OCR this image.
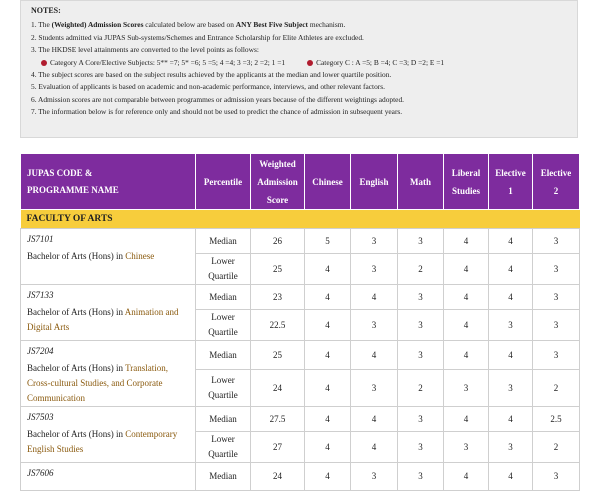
NOTES:
1. The (Weighted) Admission Scores calculated below are based on ANY Best Five Subject mechanism.
2. Students admitted via JUPAS Sub-systems/Schemes and Entrance Scholarship for Elite Athletes are excluded.
3. The HKDSE level attainments are converted to the level points as follows:
Category A Core/Elective Subjects: 5** =7; 5* =6; 5 =5; 4 =4; 3 =3; 2 =2; 1 =1	Category C : A =5; B =4; C =3; D =2; E =1
4. The subject scores are based on the subject results achieved by the applicants at the median and lower quartile position.
5. Evaluation of applicants is based on academic and non-academic performance, interviews, and other relevant factors.
6. Admission scores are not comparable between programmes or admission years because of the different weightings adopted.
7. The information below is for reference only and should not be used to predict the chance of admission in subsequent years.
JUPAS CODE &
PROGRAMME NAME	Percentile	Weighted
Admission
Score	Chinese	English	Math	Liberal
Studies	Elective
1	Elective
2
FACULTY OF ARTS								

JS7101
Bachelor of Arts (Hons) in Chinese	Median	26	5	3	3	4	4	3
	Lower Quartile	25	4	3	2	4	4	3

JS7133
Bachelor of Arts (Hons) in Animation and Digital Arts	Median	23	4	4	3	4	4	3
	Lower Quartile	22.5	4	3	3	4	3	3

JS7204
Bachelor of Arts (Hons) in Translation, Cross-cultural Studies, and Corporate Communication	Median	25	4	4	3	4	4	3
	Lower Quartile	24	4	3	2	3	3	2

JS7503
Bachelor of Arts (Hons) in Contemporary English Studies	Median	27.5	4	4	3	4	4	2.5
	Lower Quartile	27	4	4	3	3	3	2

JS7606	Median	24	4	3	3	4	4	3
